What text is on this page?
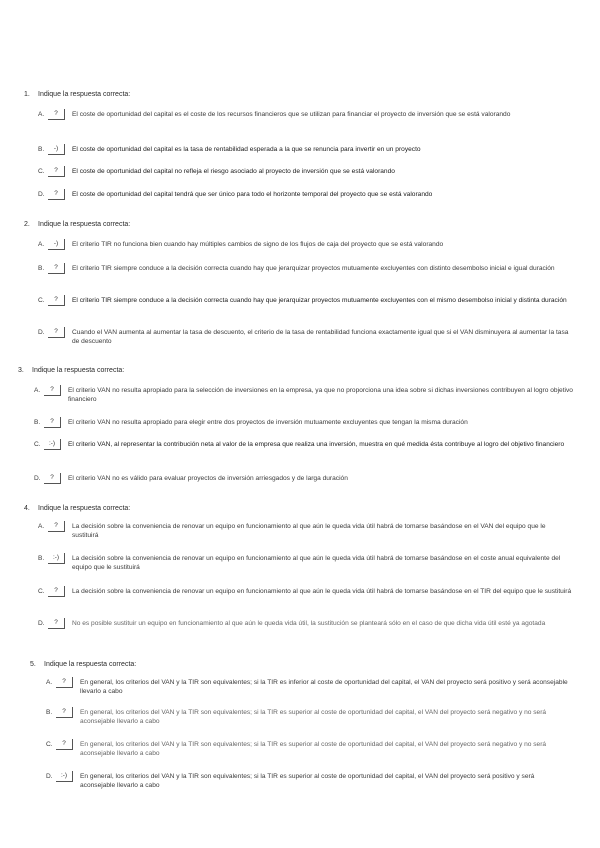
1. Indique la respuesta correcta:
A.	?	El coste de oportunidad del capital es el coste de los recursos financieros que se utilizan para financiar el proyecto de inversión que se está valorando
B.	-)	El coste de oportunidad del capital es la tasa de rentabilidad esperada a la que se renuncia para invertir en un proyecto
C.	?	El coste de oportunidad del capital no refleja el riesgo asociado al proyecto de inversión que se está valorando
D.	?	El coste de oportunidad del capital tendrá que ser único para todo el horizonte temporal del proyecto que se está valorando
2. Indique la respuesta correcta:
A.	-)	El criterio TIR no funciona bien cuando hay múltiples cambios de signo de los flujos de caja del proyecto que se está valorando
B.	?	El criterio TIR siempre conduce a la decisión correcta cuando hay que jerarquizar proyectos mutuamente excluyentes con distinto desembolso inicial e igual duración
C.	?	El criterio TIR siempre conduce a la decisión correcta cuando hay que jerarquizar proyectos mutuamente excluyentes con el mismo desembolso inicial y distinta duración
D.	?	Cuando el VAN aumenta al aumentar la tasa de descuento, el criterio de la tasa de rentabilidad funciona exactamente igual que si el VAN disminuyera al aumentar la tasa de descuento
3. Indique la respuesta correcta:
A.	?	El criterio VAN no resulta apropiado para la selección de inversiones en la empresa, ya que no proporciona una idea sobre si dichas inversiones contribuyen al logro objetivo financiero
B.	?	El criterio VAN no resulta apropiado para elegir entre dos proyectos de inversión mutuamente excluyentes que tengan la misma duración
C.	:-)	El criterio VAN, al representar la contribución neta al valor de la empresa que realiza una inversión, muestra en qué medida ésta contribuye al logro del objetivo financiero
D.	?	El criterio VAN no es válido para evaluar proyectos de inversión arriesgados y de larga duración
4. Indique la respuesta correcta:
A.	?	La decisión sobre la conveniencia de renovar un equipo en funcionamiento al que aún le queda vida útil habrá de tomarse basándose en el VAN del equipo que le sustituirá
B.	:-)	La decisión sobre la conveniencia de renovar un equipo en funcionamiento al que aún le queda vida útil habrá de tomarse basándose en el coste anual equivalente del equipo que le sustituirá
C.	?	La decisión sobre la conveniencia de renovar un equipo en funcionamiento al que aún le queda vida útil habrá de tomarse basándose en el TIR del equipo que le sustituirá
D.	?	No es posible sustituir un equipo en funcionamiento al que aún le queda vida útil, la sustitución se planteará sólo en el caso de que dicha vida útil esté ya agotada
5. Indique la respuesta correcta:
A.	?	En general, los criterios del VAN y la TIR son equivalentes; si la TIR es inferior al coste de oportunidad del capital, el VAN del proyecto será positivo y será aconsejable llevarlo a cabo
B.	?	En general, los criterios del VAN y la TIR son equivalentes; si la TIR es superior al coste de oportunidad del capital, el VAN del proyecto será negativo y no será aconsejable llevarlo a cabo
C.	?	En general, los criterios del VAN y la TIR son equivalentes; si la TIR es superior al coste de oportunidad del capital, el VAN del proyecto será negativo y no será aconsejable llevarlo a cabo
D.	:-)	En general, los criterios del VAN y la TIR son equivalentes; si la TIR es superior al coste de oportunidad del capital, el VAN del proyecto será positivo y será aconsejable llevarlo a cabo
